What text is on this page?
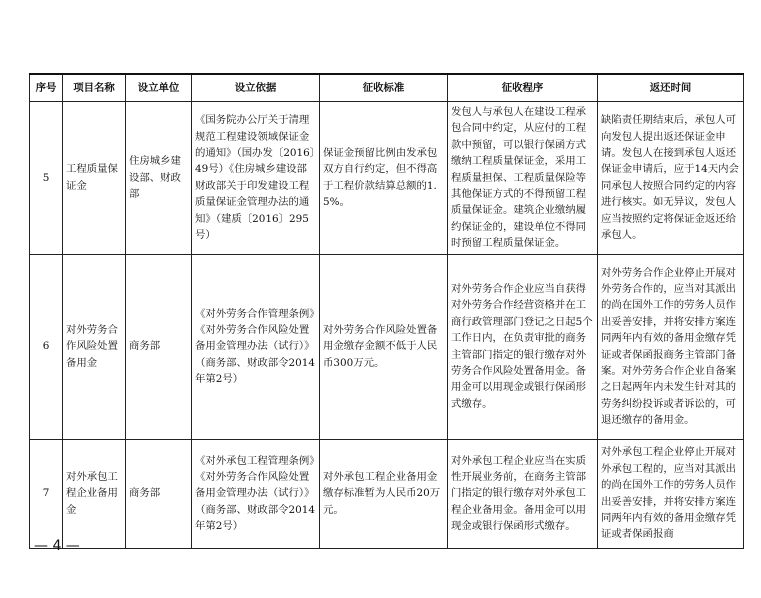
序号	项目名称	设立单位	设立依据	征收标准	征收程序	返还时间
5	工程质量保证金	住房城乡建设部、财政部	《国务院办公厅关于清理规范工程建设领域保证金的通知》（国办发〔2016〕49号）《住房城乡建设部 财政部关于印发建设工程质量保证金管理办法的通知》（建质〔2016〕295号）	保证金预留比例由发承包双方自行约定，但不得高于工程价款结算总额的1.5%。	发包人与承包人在建设工程承包合同中约定，从应付的工程款中预留，可以银行保函方式缴纳工程质量保证金，采用工程质量担保、工程质量保险等其他保证方式的不得预留工程质量保证金。建筑企业缴纳履约保证金的，建设单位不得同时预留工程质量保证金。	缺陷责任期结束后，承包人可向发包人提出返还保证金申请。发包人在接到承包人返还保证金申请后，应于14天内会同承包人按照合同约定的内容进行核实。如无异议，发包人应当按照约定将保证金返还给承包人。
6	对外劳务合作风险处置备用金	商务部	《对外劳务合作管理条例》《对外劳务合作风险处置备用金管理办法（试行）》（商务部、财政部令2014年第2号）	对外劳务合作风险处置备用金缴存金额不低于人民币300万元。	对外劳务合作企业应当自获得对外劳务合作经营资格并在工商行政管理部门登记之日起5个工作日内，在负责审批的商务主管部门指定的银行缴存对外劳务合作风险处置备用金。备用金可以用现金或银行保函形式缴存。	对外劳务合作企业停止开展对外劳务合作的，应当对其派出的尚在国外工作的劳务人员作出妥善安排，并将安排方案连同两年内有效的备用金缴存凭证或者保函报商务主管部门备案。对外劳务合作企业自备案之日起两年内未发生针对其的劳务纠纷投诉或者诉讼的，可退还缴存的备用金。
7	对外承包工程企业备用金	商务部	《对外承包工程管理条例》《对外劳务合作风险处置备用金管理办法（试行）》（商务部、财政部令2014年第2号）	对外承包工程企业备用金缴存标准暂为人民币20万元。	对外承包工程企业应当在实质性开展业务前，在商务主管部门指定的银行缴存对外承包工程企业备用金。备用金可以用现金或银行保函形式缴存。	对外承包工程企业停止开展对外承包工程的，应当对其派出的尚在国外工作的劳务人员作出妥善安排，并将安排方案连同两年内有效的备用金缴存凭证或者保函报商
— 4 —
